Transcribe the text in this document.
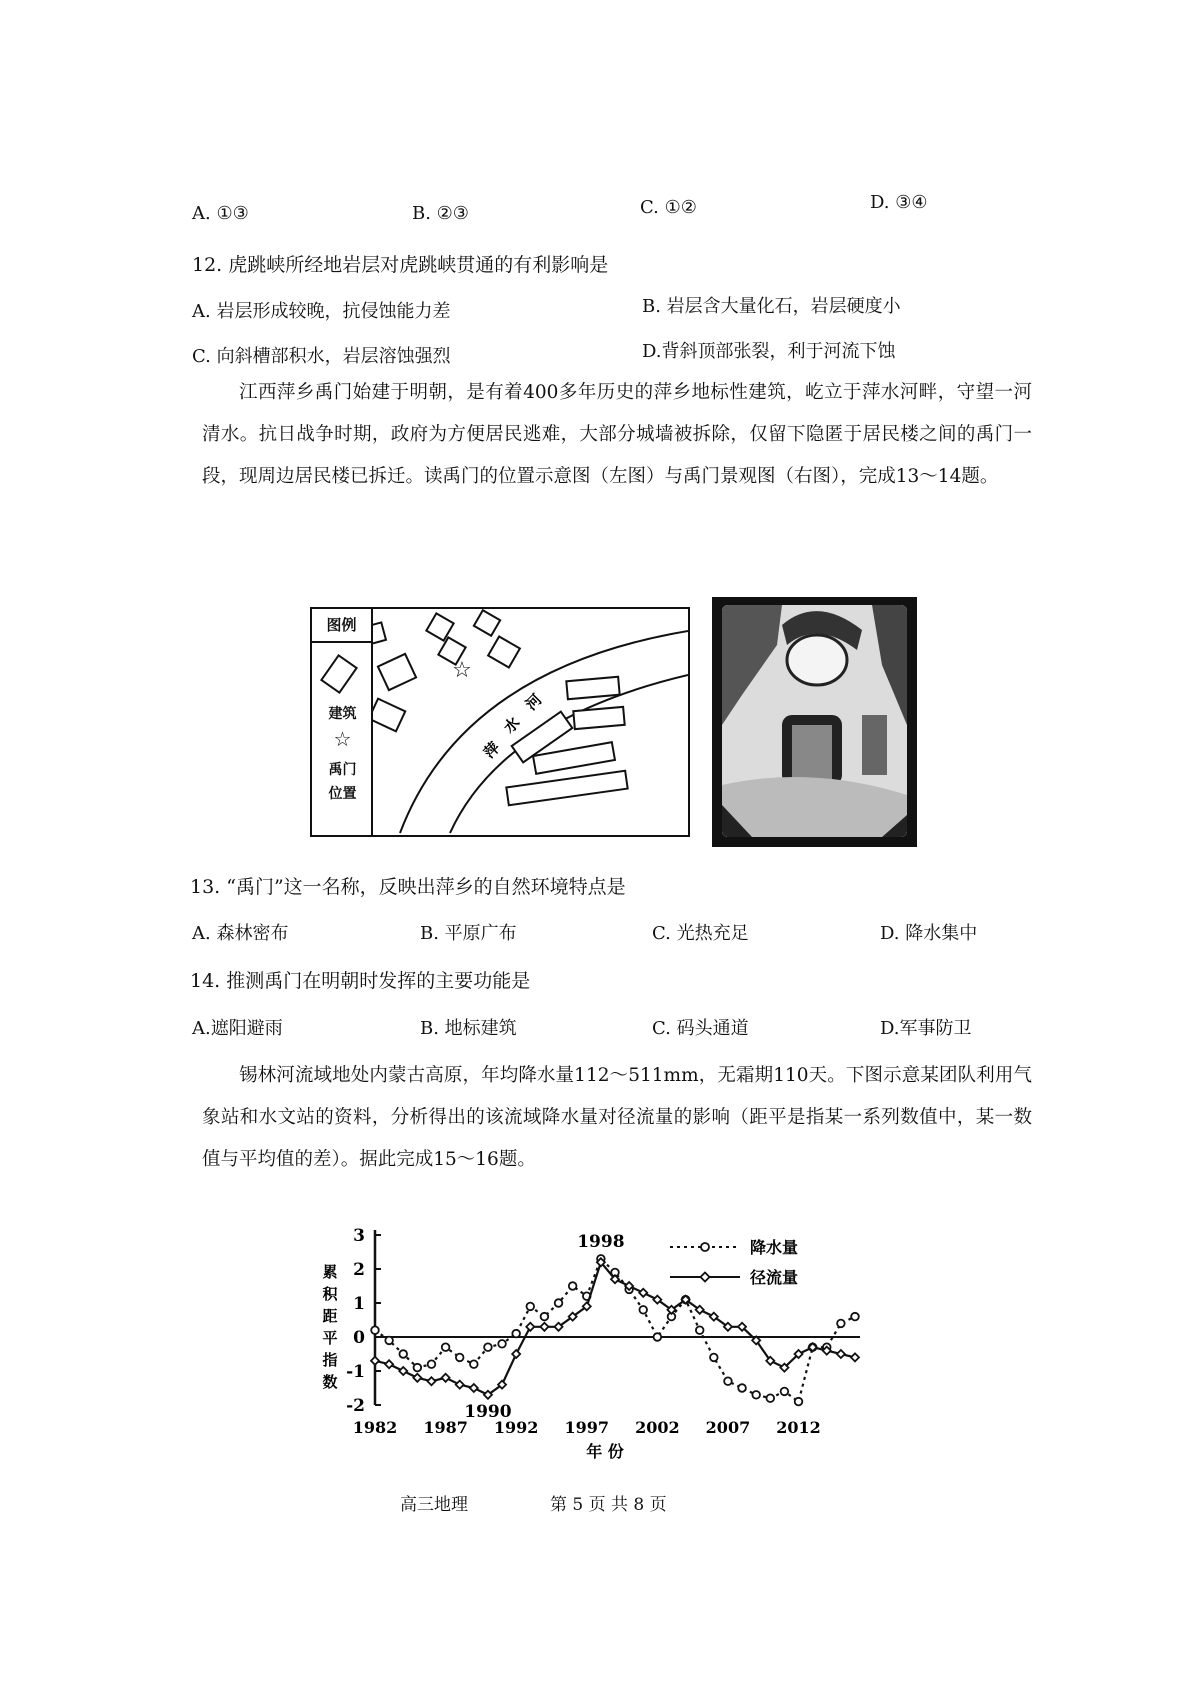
A. ①③	B. ②③	C. ①②	D. ③④
12. 虎跳峡所经地岩层对虎跳峡贯通的有利影响是
A. 岩层形成较晚，抗侵蚀能力差	B. 岩层含大量化石，岩层硬度小
C. 向斜槽部积水，岩层溶蚀强烈	D.背斜顶部张裂，利于河流下蚀
江西萍乡禹门始建于明朝，是有着400多年历史的萍乡地标性建筑，屹立于萍水河畔，守望一河清水。抗日战争时期，政府为方便居民逃难，大部分城墙被拆除，仅留下隐匿于居民楼之间的禹门一段，现周边居民楼已拆迁。读禹门的位置示意图（左图）与禹门景观图（右图），完成13～14题。
☆
萍
水
河
图例
建筑
☆
禹门
位置
13. “禹门”这一名称，反映出萍乡的自然环境特点是
A. 森林密布	B. 平原广布	C. 光热充足	D. 降水集中
14. 推测禹门在明朝时发挥的主要功能是
A.遮阳避雨	B. 地标建筑	C. 码头通道	D.军事防卫
锡林河流域地处内蒙古高原，年均降水量112～511mm，无霜期110天。下图示意某团队利用气象站和水文站的资料，分析得出的该流域降水量对径流量的影响（距平是指某一系列数值中，某一数值与平均值的差）。据此完成15～16题。
3
2
1
0
-1
-2
累
积
距
平
指
数
1982 1987 1992 1997 2002 2007 2012
年 份
1998
1990
降水量
径流量
高三地理	第 5 页 共 8 页
